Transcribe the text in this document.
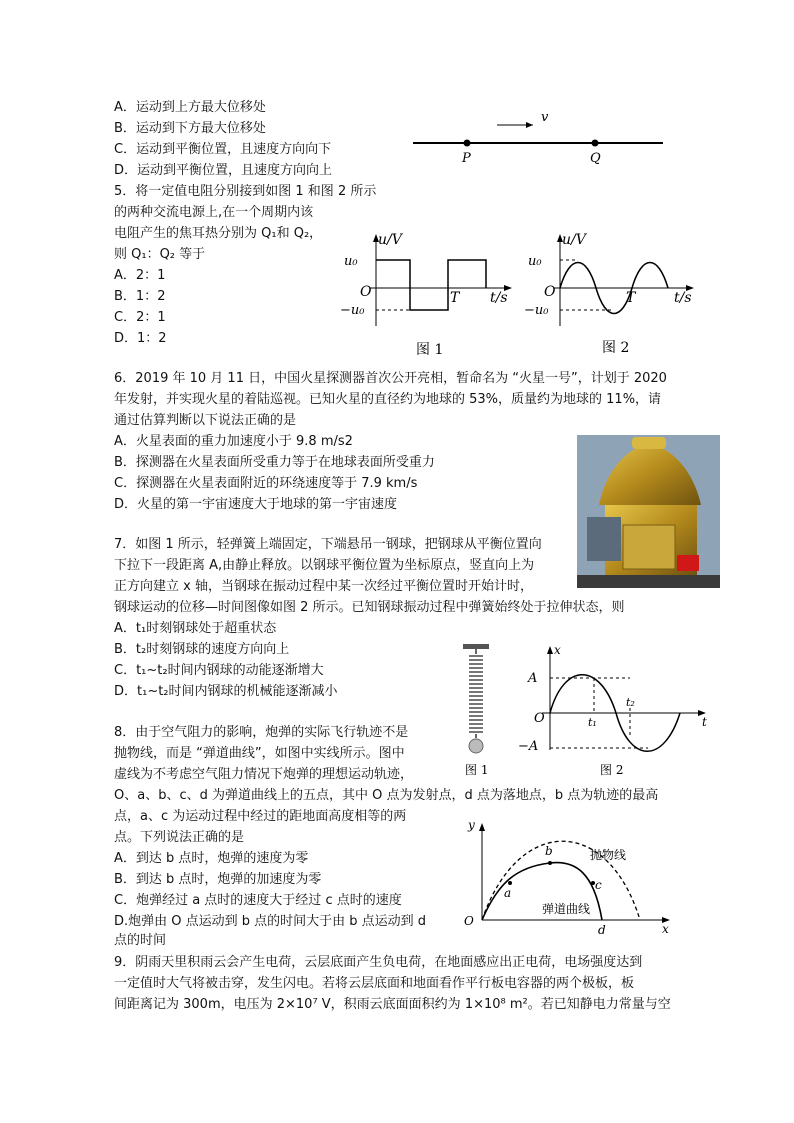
A．运动到上方最大位移处
B．运动到下方最大位移处
C．运动到平衡位置，且速度方向向下
D．运动到平衡位置，且速度方向向上
v
P	Q
5．将一定值电阻分别接到如图 1 和图 2 所示
的两种交流电源上,在一个周期内该
电阻产生的焦耳热分别为 Q₁和 Q₂，
则 Q₁：Q₂ 等于
A．2：1
B．1：2
C．2：1
D．1：2
u/V
u₀
−u₀
O	T t/s
图 1
u/V
u₀
−u₀
O	T	t/s
图 2
6．2019 年 10 月 11 日，中国火星探测器首次公开亮相，暂命名为 “火星一号”，计划于 2020
年发射，并实现火星的着陆巡视。已知火星的直径约为地球的 53%，质量约为地球的 11%，请
通过估算判断以下说法正确的是
A．火星表面的重力加速度小于 9.8 m/s2
B．探测器在火星表面所受重力等于在地球表面所受重力
C．探测器在火星表面附近的环绕速度等于 7.9 km/s
D．火星的第一宇宙速度大于地球的第一宇宙速度
7．如图 1 所示，轻弹簧上端固定，下端悬吊一钢球，把钢球从平衡位置向
下拉下一段距离 A,由静止释放。以钢球平衡位置为坐标原点，竖直向上为
正方向建立 x 轴，当钢球在振动过程中某一次经过平衡位置时开始计时，
钢球运动的位移—时间图像如图 2 所示。已知钢球振动过程中弹簧始终处于拉伸状态，则
A．t₁时刻钢球处于超重状态
B．t₂时刻钢球的速度方向向上
C．t₁~t₂时间内钢球的动能逐渐增大
D．t₁~t₂时间内钢球的机械能逐渐减小
图 1
x
A
−A
O	t₁
t₂
t
图 2
8．由于空气阻力的影响，炮弹的实际飞行轨迹不是
抛物线，而是 “弹道曲线”，如图中实线所示。图中
虚线为不考虑空气阻力情况下炮弹的理想运动轨迹，
O、a、b、c、d 为弹道曲线上的五点，其中 O 点为发射点，d 点为落地点，b 点为轨迹的最高
点，a、c 为运动过程中经过的距地面高度相等的两
点。下列说法正确的是
A．到达 b 点时，炮弹的速度为零
B．到达 b 点时，炮弹的加速度为零
C．炮弹经过 a 点时的速度大于经过 c 点时的速度
D.炮弹由 O 点运动到 b 点的时间大于由 b 点运动到 d
点的时间
y
x
O
a
b
c
d
抛物线
弹道曲线
9．阴雨天里积雨云会产生电荷，云层底面产生负电荷，在地面感应出正电荷，电场强度达到
一定值时大气将被击穿，发生闪电。若将云层底面和地面看作平行板电容器的两个极板，板
间距离记为 300m，电压为 2×10⁷ V，积雨云底面面积约为 1×10⁸ m²。若已知静电力常量与空
